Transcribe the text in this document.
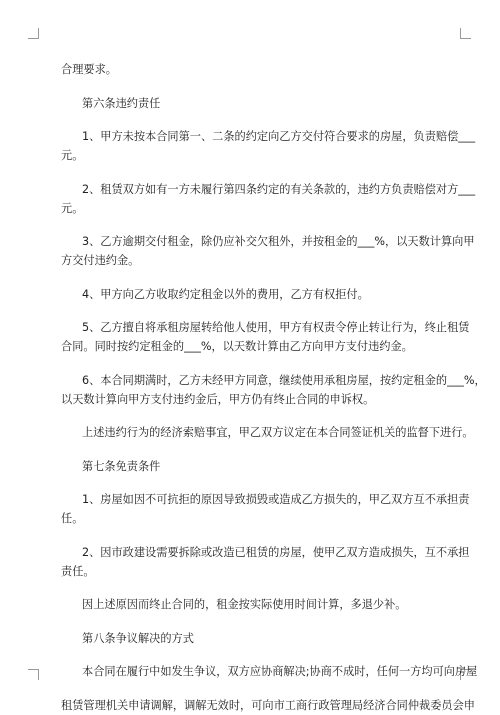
合理要求。
第六条违约责任
1、甲方未按本合同第一、二条的约定向乙方交付符合要求的房屋，负责赔偿___
元。
2、租赁双方如有一方未履行第四条约定的有关条款的，违约方负责赔偿对方___
元。
3、乙方逾期交付租金，除仍应补交欠租外，并按租金的___%，以天数计算向甲
方交付违约金。
4、甲方向乙方收取约定租金以外的费用，乙方有权拒付。
5、乙方擅自将承租房屋转给他人使用，甲方有权责令停止转让行为，终止租赁
合同。同时按约定租金的___%，以天数计算由乙方向甲方支付违约金。
6、本合同期满时，乙方未经甲方同意，继续使用承租房屋，按约定租金的___%，
以天数计算向甲方支付违约金后，甲方仍有终止合同的申诉权。
上述违约行为的经济索赔事宜，甲乙双方议定在本合同签证机关的监督下进行。
第七条免责条件
1、房屋如因不可抗拒的原因导致损毁或造成乙方损失的，甲乙双方互不承担责
任。
2、因市政建设需要拆除或改造已租赁的房屋，使甲乙双方造成损失，互不承担
责任。
因上述原因而终止合同的，租金按实际使用时间计算，多退少补。
第八条争议解决的方式
本合同在履行中如发生争议，双方应协商解决;协商不成时，任何一方均可向房屋
租赁管理机关申请调解，调解无效时，可向市工商行政管理局经济合同仲裁委员会申
